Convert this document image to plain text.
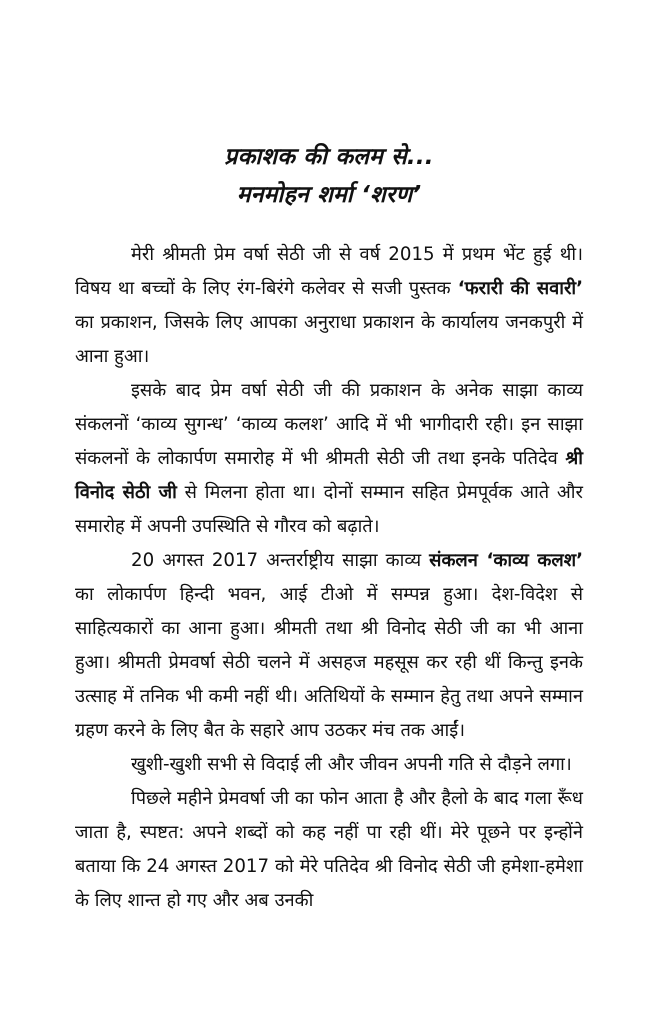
प्रकाशक की कलम से...
मनमोहन शर्मा ‘शरण’

मेरी श्रीमती प्रेम वर्षा सेठी जी से वर्ष 2015 में प्रथम भेंट हुई थी। विषय था बच्चों के लिए रंग-बिरंगे कलेवर से सजी पुस्तक ‘फरारी की सवारी’ का प्रकाशन, जिसके लिए आपका अनुराधा प्रकाशन के कार्यालय जनकपुरी में आना हुआ।

इसके बाद प्रेम वर्षा सेठी जी की प्रकाशन के अनेक साझा काव्य संकलनों ‘काव्य सुगन्ध’ ‘काव्य कलश’ आदि में भी भागीदारी रही। इन साझा संकलनों के लोकार्पण समारोह में भी श्रीमती सेठी जी तथा इनके पतिदेव श्री विनोद सेठी जी से मिलना होता था। दोनों सम्मान सहित प्रेमपूर्वक आते और समारोह में अपनी उपस्थिति से गौरव को बढ़ाते।

20 अगस्त 2017 अन्तर्राष्ट्रीय साझा काव्य संकलन ‘काव्य कलश’ का लोकार्पण हिन्दी भवन, आई टीओ में सम्पन्न हुआ। देश-विदेश से साहित्यकारों का आना हुआ। श्रीमती तथा श्री विनोद सेठी जी का भी आना हुआ। श्रीमती प्रेमवर्षा सेठी चलने में असहज महसूस कर रही थीं किन्तु इनके उत्साह में तनिक भी कमी नहीं थी। अतिथियों के सम्मान हेतु तथा अपने सम्मान ग्रहण करने के लिए बैत के सहारे आप उठकर मंच तक आईं।

खुशी-खुशी सभी से विदाई ली और जीवन अपनी गति से दौड़ने लगा।

पिछले महीने प्रेमवर्षा जी का फोन आता है और हैलो के बाद गला रूँध जाता है, स्पष्टत: अपने शब्दों को कह नहीं पा रही थीं। मेरे पूछने पर इन्होंने बताया कि 24 अगस्त 2017 को मेरे पतिदेव श्री विनोद सेठी जी हमेशा-हमेशा के लिए शान्त हो गए और अब उनकी
